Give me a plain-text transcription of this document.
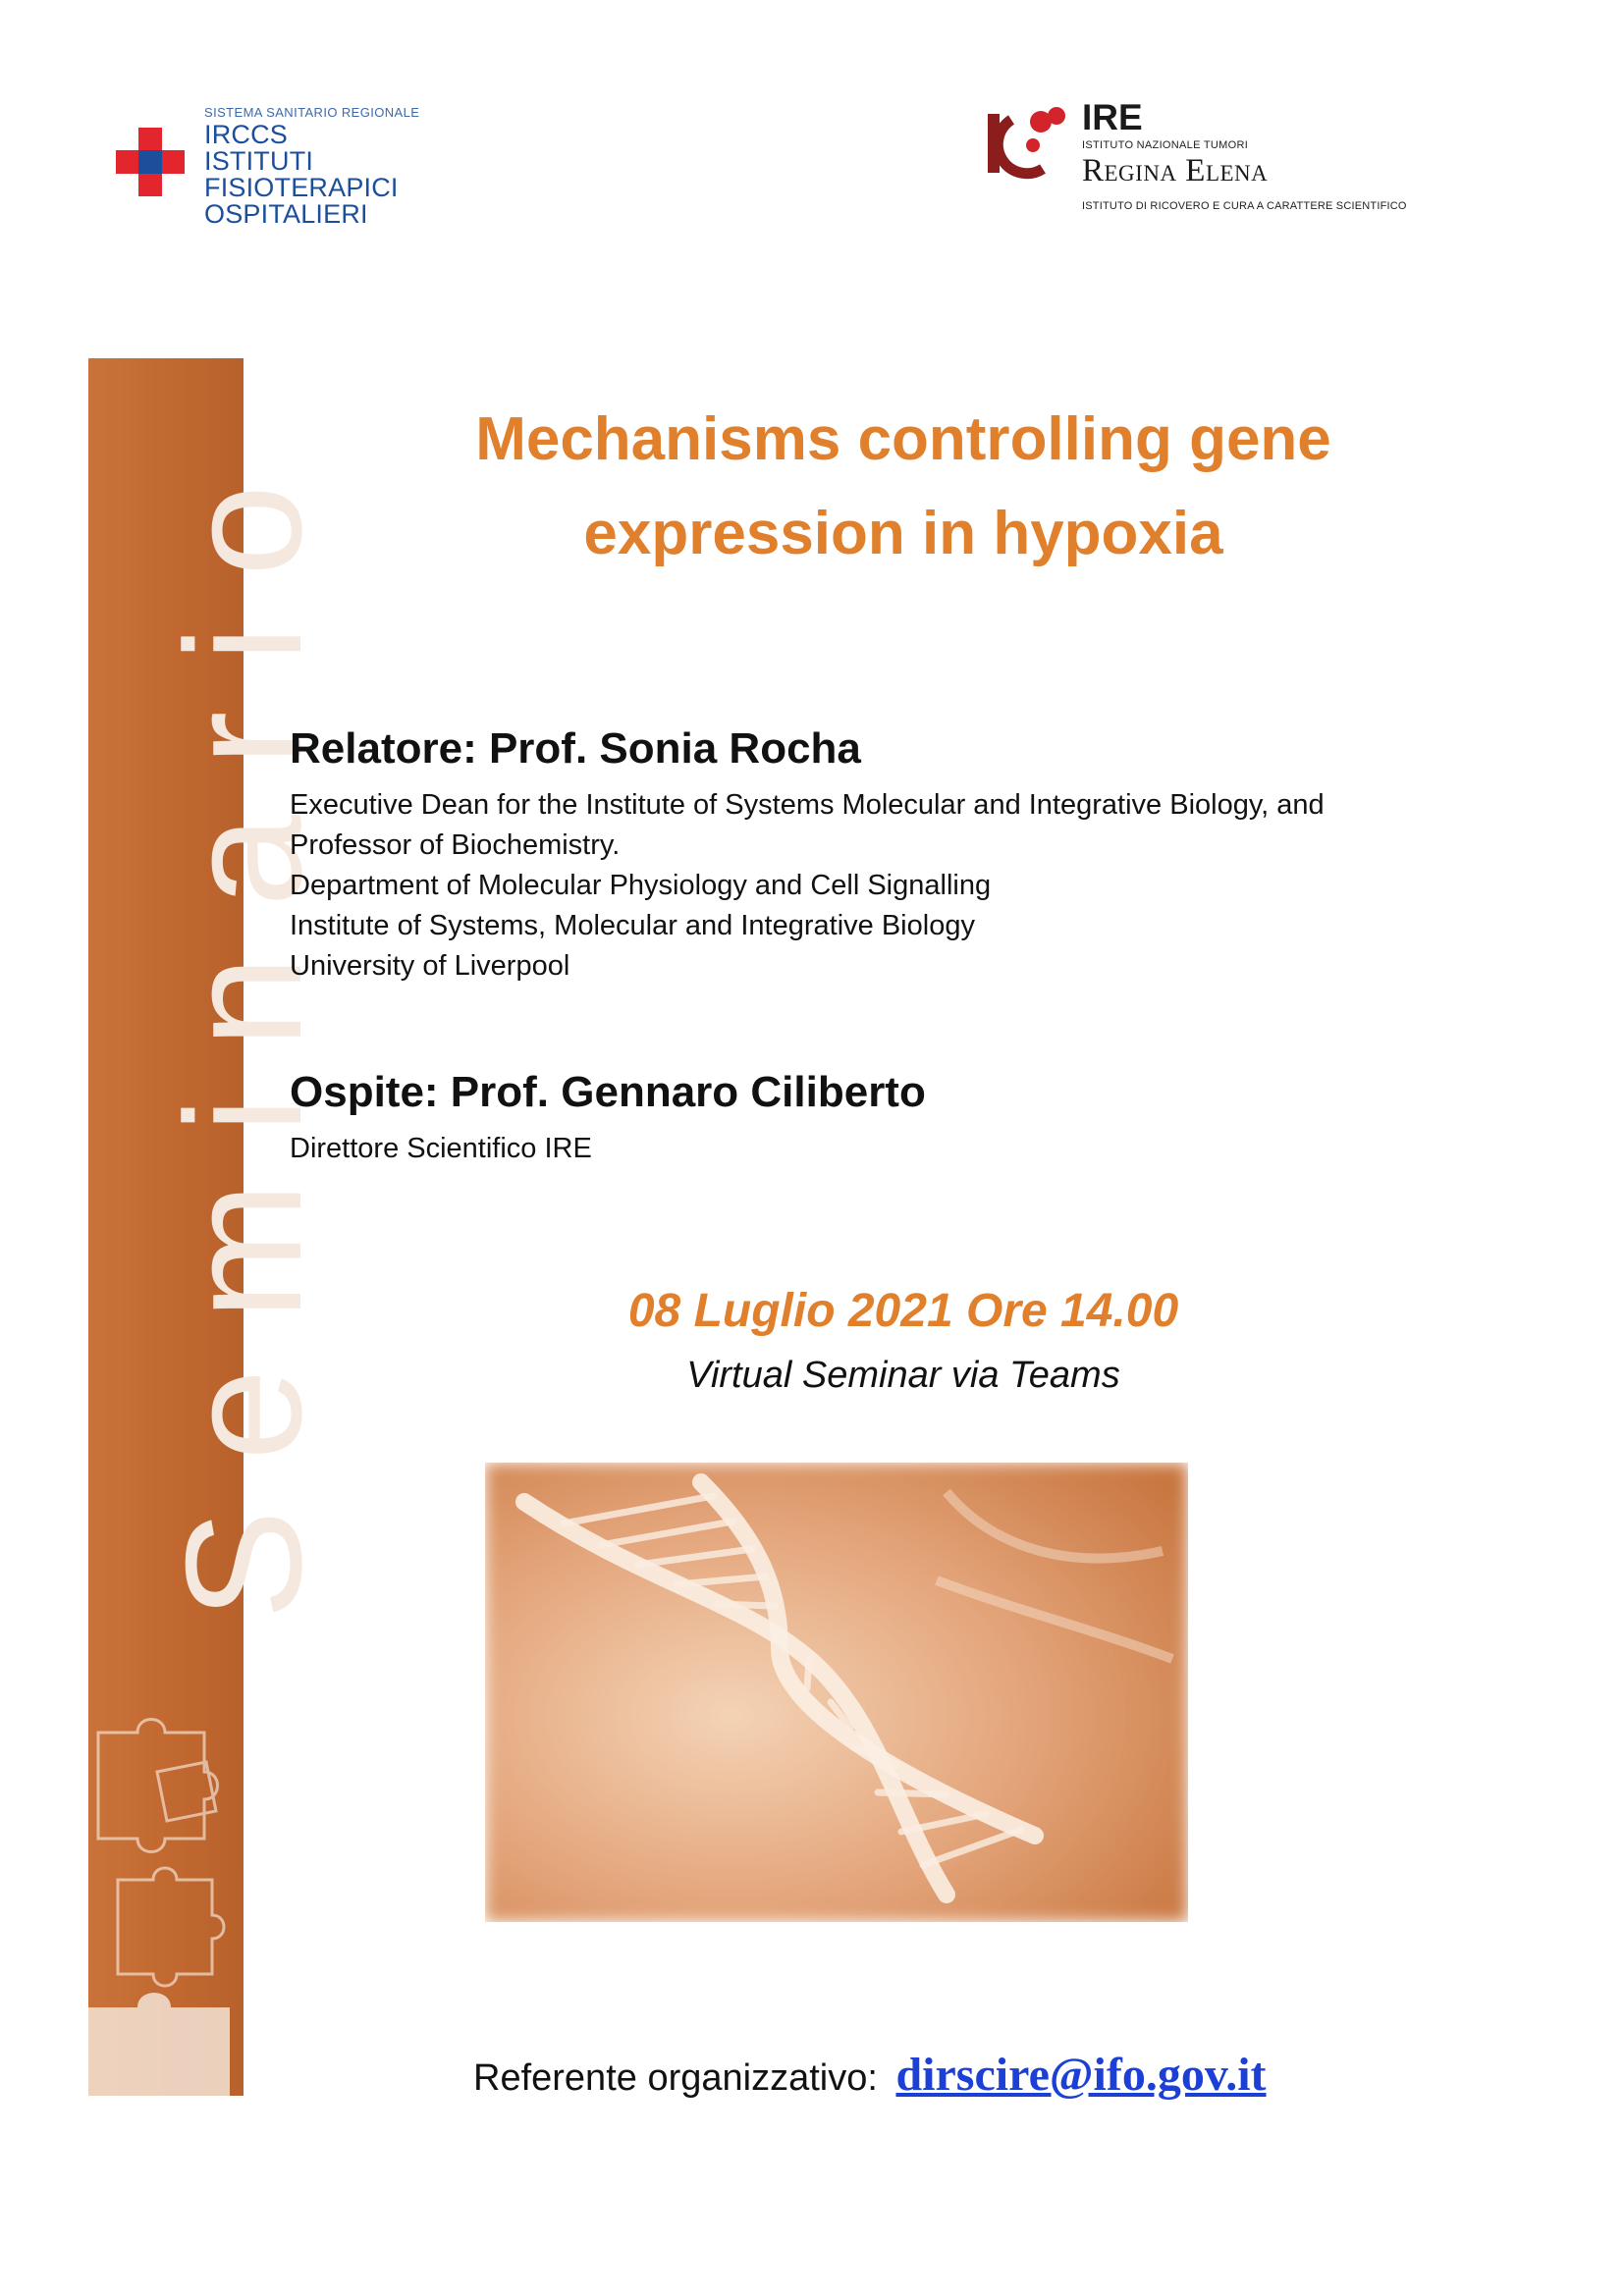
SISTEMA SANITARIO REGIONALE
IRCCS
ISTITUTI FISIOTERAPICI
OSPITALIERI
IRE
ISTITUTO NAZIONALE TUMORI
Regina Elena
ISTITUTO DI RICOVERO E CURA A CARATTERE SCIENTIFICO
Seminario	Mechanisms controlling gene
expression in hypoxia
Relatore: Prof. Sonia Rocha
Executive Dean for the Institute of Systems Molecular and Integrative Biology, and
Professor of Biochemistry.
Department of Molecular Physiology and Cell Signalling
Institute of Systems, Molecular and Integrative Biology
University of Liverpool
Ospite: Prof. Gennaro Ciliberto
Direttore Scientifico IRE
08 Luglio 2021 Ore 14.00
Virtual Seminar via Teams
Referente organizzativo: dirscire@ifo.gov.it
